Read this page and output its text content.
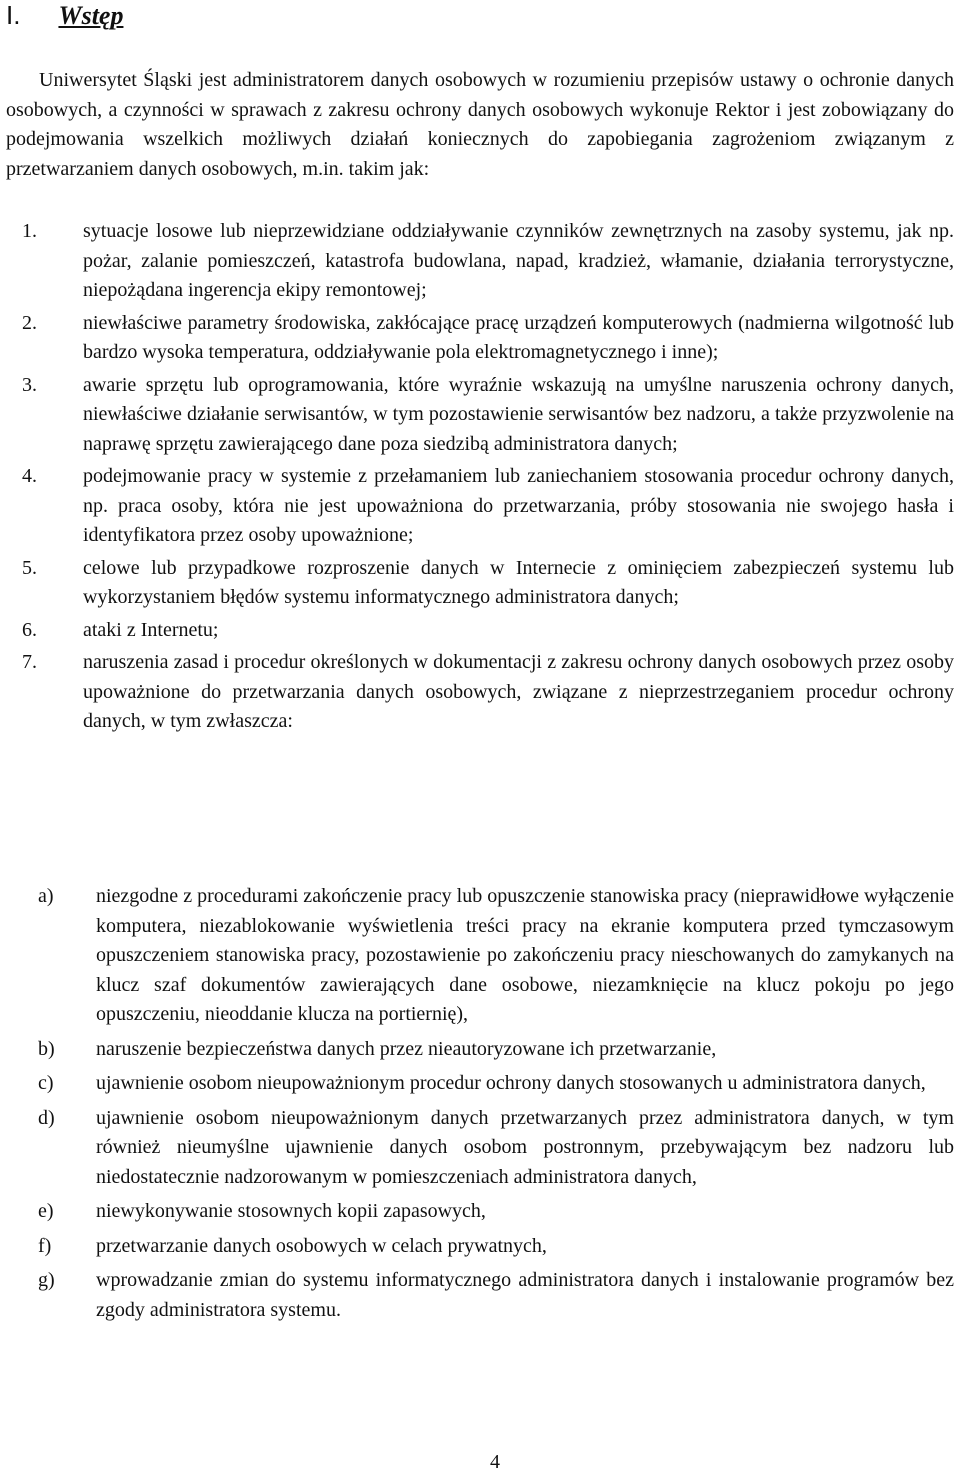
I. Wstęp

Uniwersytet Śląski jest administratorem danych osobowych w rozumieniu przepisów ustawy o ochronie danych osobowych, a czynności w sprawach z zakresu ochrony danych osobowych wykonuje Rektor i jest zobowiązany do podejmowania wszelkich możliwych działań koniecznych do zapobiegania zagrożeniom związanym z przetwarzaniem danych osobowych, m.in. takim jak:

1. sytuacje losowe lub nieprzewidziane oddziaływanie czynników zewnętrznych na zasoby systemu, jak np. pożar, zalanie pomieszczeń, katastrofa budowlana, napad, kradzież, włamanie, działania terrorystyczne, niepożądana ingerencja ekipy remontowej;
2. niewłaściwe parametry środowiska, zakłócające pracę urządzeń komputerowych (nadmierna wilgotność lub bardzo wysoka temperatura, oddziaływanie pola elektromagnetycznego i inne);
3. awarie sprzętu lub oprogramowania, które wyraźnie wskazują na umyślne naruszenia ochrony danych, niewłaściwe działanie serwisantów, w tym pozostawienie serwisantów bez nadzoru, a także przyzwolenie na naprawę sprzętu zawierającego dane poza siedzibą administratora danych;
4. podejmowanie pracy w systemie z przełamaniem lub zaniechaniem stosowania procedur ochrony danych, np. praca osoby, która nie jest upoważniona do przetwarzania, próby stosowania nie swojego hasła i identyfikatora przez osoby upoważnione;
5. celowe lub przypadkowe rozproszenie danych w Internecie z ominięciem zabezpieczeń systemu lub wykorzystaniem błędów systemu informatycznego administratora danych;
6. ataki z Internetu;
7. naruszenia zasad i procedur określonych w dokumentacji z zakresu ochrony danych osobowych przez osoby upoważnione do przetwarzania danych osobowych, związane z nieprzestrzeganiem procedur ochrony danych, w tym zwłaszcza:
a) niezgodne z procedurami zakończenie pracy lub opuszczenie stanowiska pracy (nieprawidłowe wyłączenie komputera, niezablokowanie wyświetlenia treści pracy na ekranie komputera przed tymczasowym opuszczeniem stanowiska pracy, pozostawienie po zakończeniu pracy nieschowanych do zamykanych na klucz szaf dokumentów zawierających dane osobowe, niezamknięcie na klucz pokoju po jego opuszczeniu, nieoddanie klucza na portiernię),
b) naruszenie bezpieczeństwa danych przez nieautoryzowane ich przetwarzanie,
c) ujawnienie osobom nieupoważnionym procedur ochrony danych stosowanych u administratora danych,
d) ujawnienie osobom nieupoważnionym danych przetwarzanych przez administratora danych, w tym również nieumyślne ujawnienie danych osobom postronnym, przebywającym bez nadzoru lub niedostatecznie nadzorowanym w pomieszczeniach administratora danych,
e) niewykonywanie stosownych kopii zapasowych,
f) przetwarzanie danych osobowych w celach prywatnych,
g) wprowadzanie zmian do systemu informatycznego administratora danych i instalowanie programów bez zgody administratora systemu.
4
